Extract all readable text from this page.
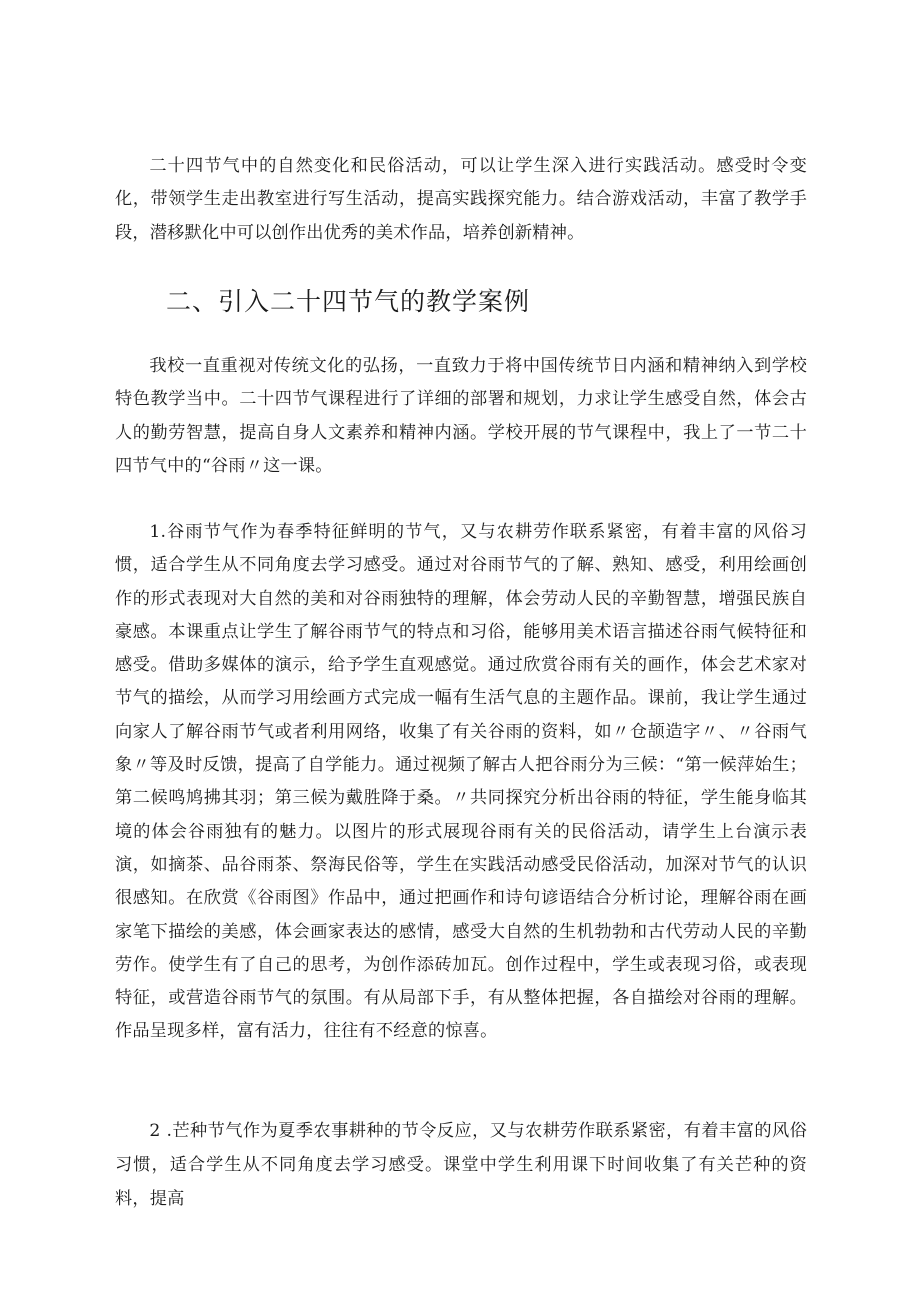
二十四节气中的自然变化和民俗活动，可以让学生深入进行实践活动。感受时令变化，带领学生走出教室进行写生活动，提高实践探究能力。结合游戏活动，丰富了教学手段，潜移默化中可以创作出优秀的美术作品，培养创新精神。

二、引入二十四节气的教学案例

我校一直重视对传统文化的弘扬，一直致力于将中国传统节日内涵和精神纳入到学校特色教学当中。二十四节气课程进行了详细的部署和规划，力求让学生感受自然，体会古人的勤劳智慧，提高自身人文素养和精神内涵。学校开展的节气课程中，我上了一节二十四节气中的“谷雨〃这一课。

1.谷雨节气作为春季特征鲜明的节气，又与农耕劳作联系紧密，有着丰富的风俗习惯，适合学生从不同角度去学习感受。通过对谷雨节气的了解、熟知、感受，利用绘画创作的形式表现对大自然的美和对谷雨独特的理解，体会劳动人民的辛勤智慧，增强民族自豪感。本课重点让学生了解谷雨节气的特点和习俗，能够用美术语言描述谷雨气候特征和感受。借助多媒体的演示，给予学生直观感觉。通过欣赏谷雨有关的画作，体会艺术家对节气的描绘，从而学习用绘画方式完成一幅有生活气息的主题作品。课前，我让学生通过向家人了解谷雨节气或者利用网络，收集了有关谷雨的资料，如〃仓颉造字〃、〃谷雨气象〃等及时反馈，提高了自学能力。通过视频了解古人把谷雨分为三候：“第一候萍始生；第二候鸣鸠拂其羽；第三候为戴胜降于桑。〃共同探究分析出谷雨的特征，学生能身临其境的体会谷雨独有的魅力。以图片的形式展现谷雨有关的民俗活动，请学生上台演示表演，如摘茶、品谷雨茶、祭海民俗等，学生在实践活动感受民俗活动，加深对节气的认识很感知。在欣赏《谷雨图》作品中，通过把画作和诗句谚语结合分析讨论，理解谷雨在画家笔下描绘的美感，体会画家表达的感情，感受大自然的生机勃勃和古代劳动人民的辛勤劳作。使学生有了自己的思考，为创作添砖加瓦。创作过程中，学生或表现习俗，或表现特征，或营造谷雨节气的氛围。有从局部下手，有从整体把握，各自描绘对谷雨的理解。作品呈现多样，富有活力，往往有不经意的惊喜。

2 .芒种节气作为夏季农事耕种的节令反应，又与农耕劳作联系紧密，有着丰富的风俗习惯，适合学生从不同角度去学习感受。课堂中学生利用课下时间收集了有关芒种的资料，提高
